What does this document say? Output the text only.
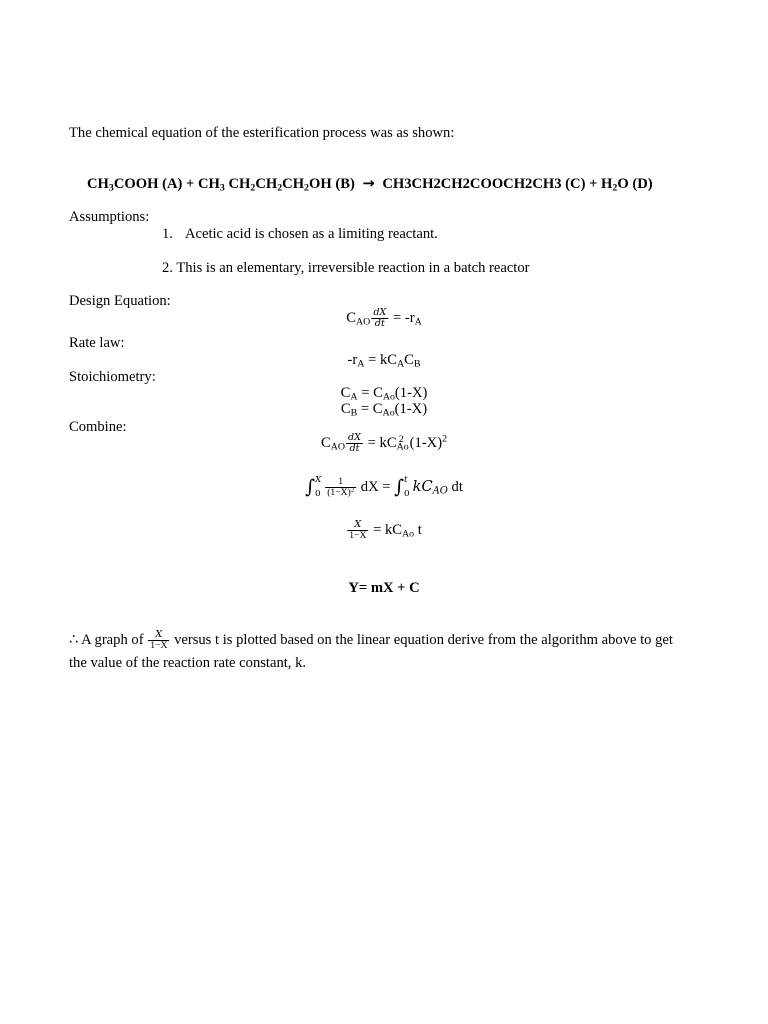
The chemical equation of the esterification process was as shown:
$CH_3COOH$ $(A) + CH_3$ $CH_2CH_2CH_2OH$ (B) → CH3CH2CH2COOCH2CH3 $(C) + H_2O$ (D)
Assumptions:
1. Acetic acid is chosen as a limiting reactant.
2. This is an elementary, irreversible reaction in a batch reactor
Design Equation:
$C_{AO} \frac{dX}{dt} = -r_A$
Rate law:
$-r_A = kC_AC_B$
Stoichiometry:
$C_A = C_{Ao}(1-X)$
$C_B = C_{Ao}(1-X)$
Combine:
$C_{AO} \frac{dX}{dt} = kC_{Ao}^2$ $(1-X)^2$
∫ X
$0 \frac{1}{(1-X)^2}$ dX = ∫ t
0 $kC_{AO}$ dt
$\frac{X}{1-X} = kC_{Ao}$ t
Y= mX + C
∴ A graph of $\frac{X}{1-X}$ versus t is plotted based on the linear equation derive from the algorithm above to get
the value of the reaction rate constant, k.
